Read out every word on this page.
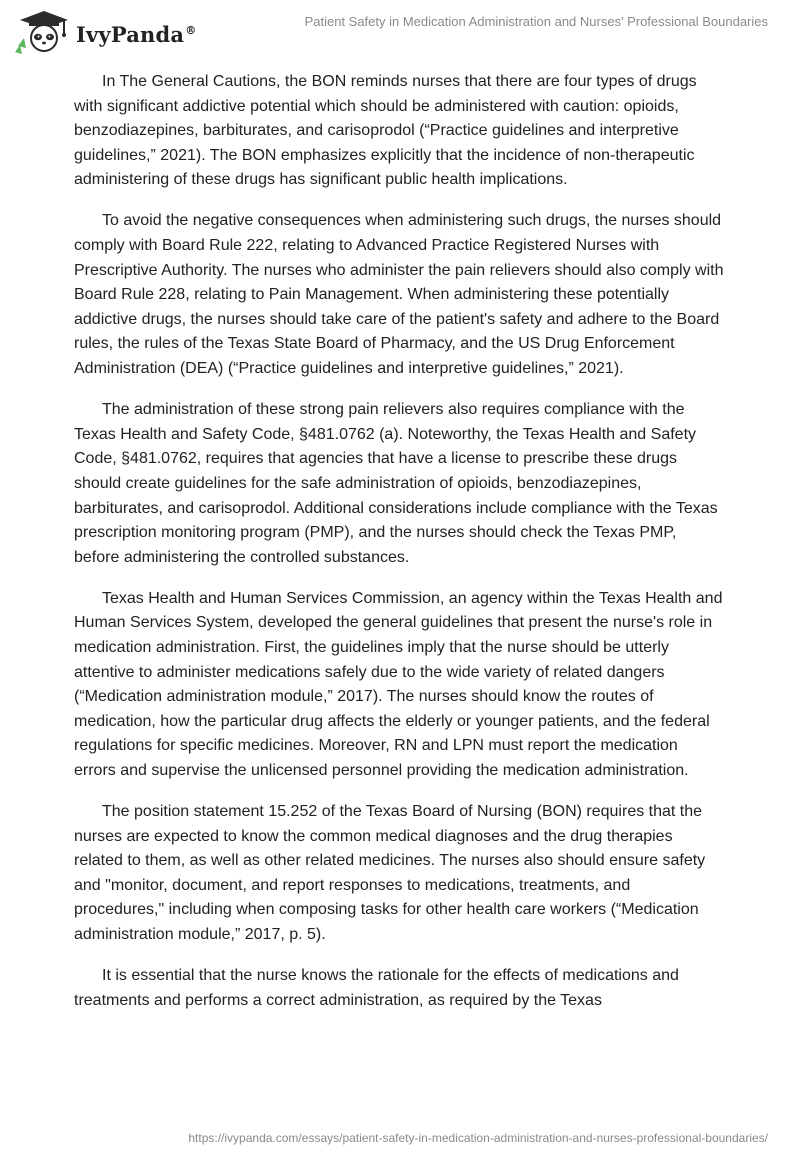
IvyPanda®
Patient Safety in Medication Administration and Nurses’ Professional Boundaries

In The General Cautions, the BON reminds nurses that there are four types of drugs with significant addictive potential which should be administered with caution: opioids, benzodiazepines, barbiturates, and carisoprodol (“Practice guidelines and interpretive guidelines,” 2021). The BON emphasizes explicitly that the incidence of non-therapeutic administering of these drugs has significant public health implications.

To avoid the negative consequences when administering such drugs, the nurses should comply with Board Rule 222, relating to Advanced Practice Registered Nurses with Prescriptive Authority. The nurses who administer the pain relievers should also comply with Board Rule 228, relating to Pain Management. When administering these potentially addictive drugs, the nurses should take care of the patient's safety and adhere to the Board rules, the rules of the Texas State Board of Pharmacy, and the US Drug Enforcement Administration (DEA) (“Practice guidelines and interpretive guidelines,” 2021).

The administration of these strong pain relievers also requires compliance with the Texas Health and Safety Code, §481.0762 (a). Noteworthy, the Texas Health and Safety Code, §481.0762, requires that agencies that have a license to prescribe these drugs should create guidelines for the safe administration of opioids, benzodiazepines, barbiturates, and carisoprodol. Additional considerations include compliance with the Texas prescription monitoring program (PMP), and the nurses should check the Texas PMP, before administering the controlled substances.

Texas Health and Human Services Commission, an agency within the Texas Health and Human Services System, developed the general guidelines that present the nurse's role in medication administration. First, the guidelines imply that the nurse should be utterly attentive to administer medications safely due to the wide variety of related dangers (“Medication administration module,” 2017). The nurses should know the routes of medication, how the particular drug affects the elderly or younger patients, and the federal regulations for specific medicines. Moreover, RN and LPN must report the medication errors and supervise the unlicensed personnel providing the medication administration.

The position statement 15.252 of the Texas Board of Nursing (BON) requires that the nurses are expected to know the common medical diagnoses and the drug therapies related to them, as well as other related medicines. The nurses also should ensure safety and "monitor, document, and report responses to medications, treatments, and procedures," including when composing tasks for other health care workers (“Medication administration module,” 2017, p. 5).

It is essential that the nurse knows the rationale for the effects of medications and treatments and performs a correct administration, as required by the Texas

https://ivypanda.com/essays/patient-safety-in-medication-administration-and-nurses-professional-boundaries/
